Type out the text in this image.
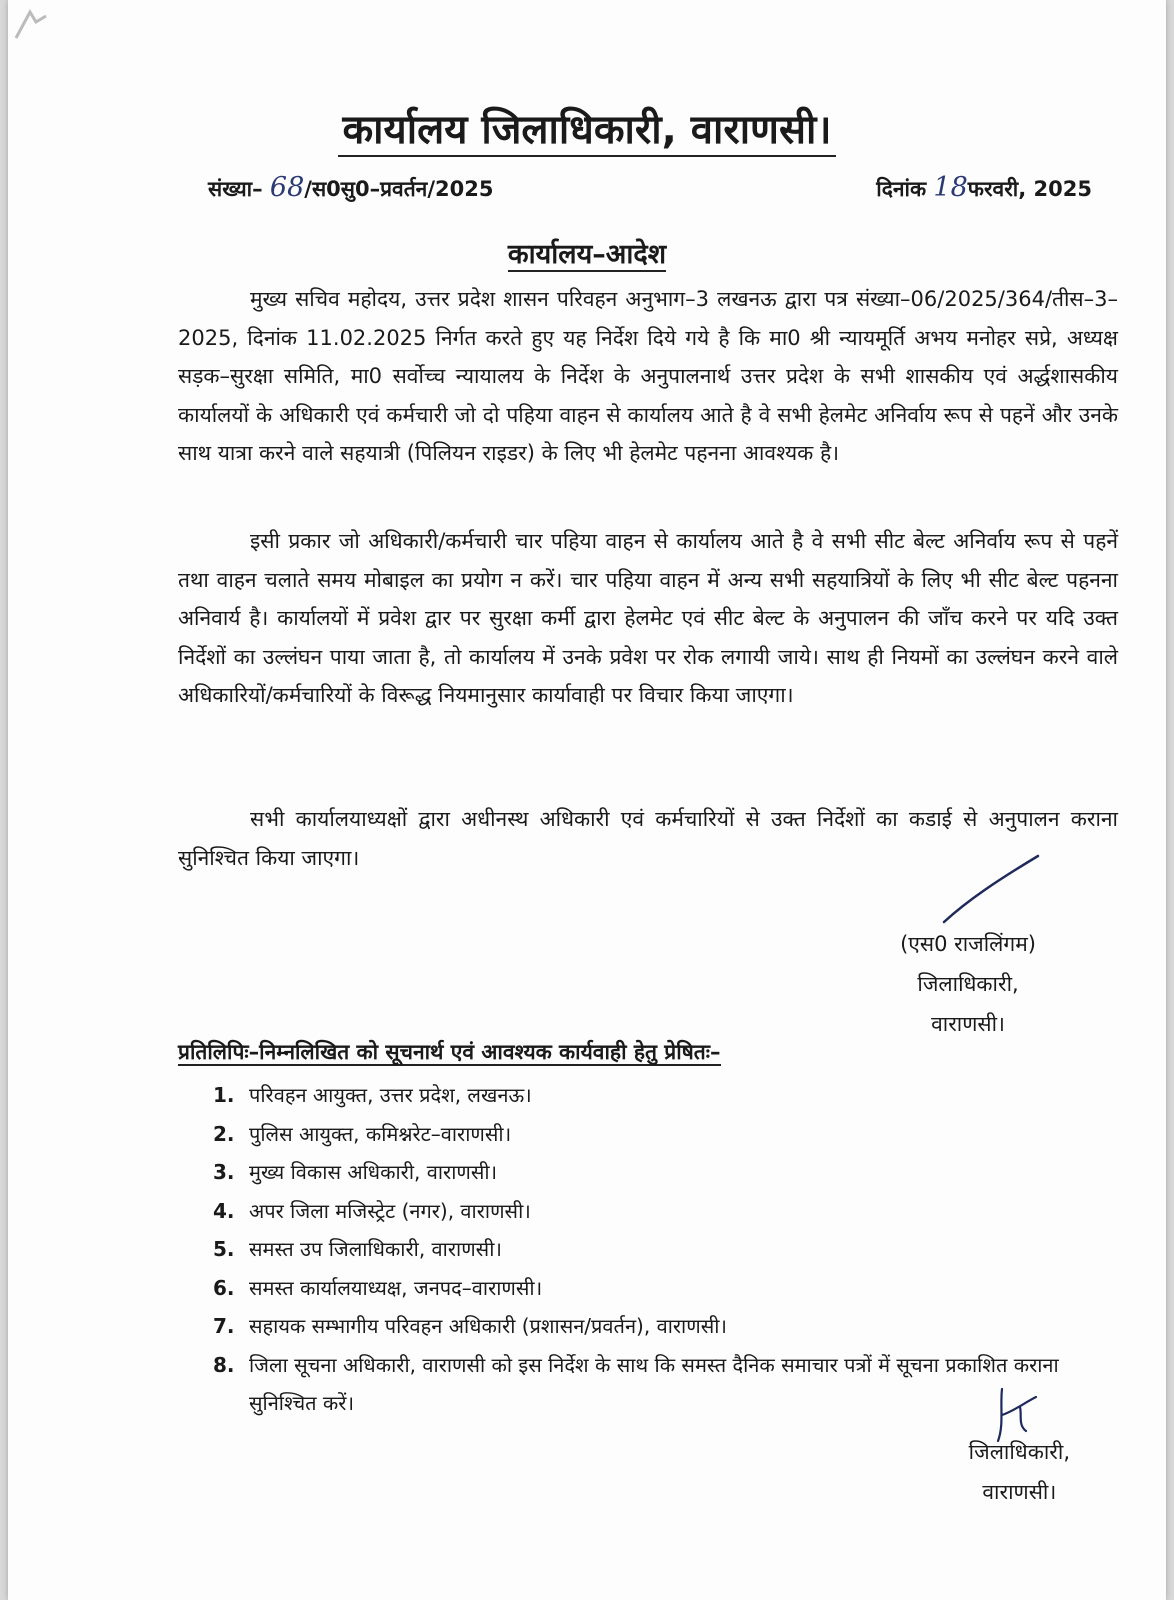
कार्यालय जिलाधिकारी, वाराणसी।
संख्या– 68/स0सु0–प्रवर्तन/2025	दिनांक 18फरवरी, 2025
कार्यालय–आदेश

मुख्य सचिव महोदय, उत्तर प्रदेश शासन परिवहन अनुभाग–3 लखनऊ द्वारा पत्र संख्या–06/2025/364/तीस–3–2025, दिनांक 11.02.2025 निर्गत करते हुए यह निर्देश दिये गये है कि मा0 श्री न्यायमूर्ति अभय मनोहर सप्रे, अध्यक्ष सड़क–सुरक्षा समिति, मा0 सर्वोच्च न्यायालय के निर्देश के अनुपालनार्थ उत्तर प्रदेश के सभी शासकीय एवं अर्द्धशासकीय कार्यालयों के अधिकारी एवं कर्मचारी जो दो पहिया वाहन से कार्यालय आते है वे सभी हेलमेट अनिर्वाय रूप से पहनें और उनके साथ यात्रा करने वाले सहयात्री (पिलियन राइडर) के लिए भी हेलमेट पहनना आवश्यक है।

इसी प्रकार जो अधिकारी/कर्मचारी चार पहिया वाहन से कार्यालय आते है वे सभी सीट बेल्ट अनिर्वाय रूप से पहनें तथा वाहन चलाते समय मोबाइल का प्रयोग न करें। चार पहिया वाहन में अन्य सभी सहयात्रियों के लिए भी सीट बेल्ट पहनना अनिवार्य है। कार्यालयों में प्रवेश द्वार पर सुरक्षा कर्मी द्वारा हेलमेट एवं सीट बेल्ट के अनुपालन की जाँच करने पर यदि उक्त निर्देशों का उल्लंघन पाया जाता है, तो कार्यालय में उनके प्रवेश पर रोक लगायी जाये। साथ ही नियमों का उल्लंघन करने वाले अधिकारियों/कर्मचारियों के विरूद्ध नियमानुसार कार्यावाही पर विचार किया जाएगा।

सभी कार्यालयाध्यक्षों द्वारा अधीनस्थ अधिकारी एवं कर्मचारियों से उक्त निर्देशों का कडाई से अनुपालन कराना सुनिश्चित किया जाएगा।

(एस0 राजलिंगम)
जिलाधिकारी,
वाराणसी।
प्रतिलिपिः–निम्नलिखित को सूचनार्थ एवं आवश्यक कार्यवाही हेतु प्रेषितः–
1. परिवहन आयुक्त, उत्तर प्रदेश, लखनऊ।
2. पुलिस आयुक्त, कमिश्नरेट–वाराणसी।
3. मुख्य विकास अधिकारी, वाराणसी।
4. अपर जिला मजिस्ट्रेट (नगर), वाराणसी।
5. समस्त उप जिलाधिकारी, वाराणसी।
6. समस्त कार्यालयाध्यक्ष, जनपद–वाराणसी।
7. सहायक सम्भागीय परिवहन अधिकारी (प्रशासन/प्रवर्तन), वाराणसी।
8. जिला सूचना अधिकारी, वाराणसी को इस निर्देश के साथ कि समस्त दैनिक समाचार पत्रों में सूचना प्रकाशित कराना सुनिश्चित करें।
जिलाधिकारी,
वाराणसी।
